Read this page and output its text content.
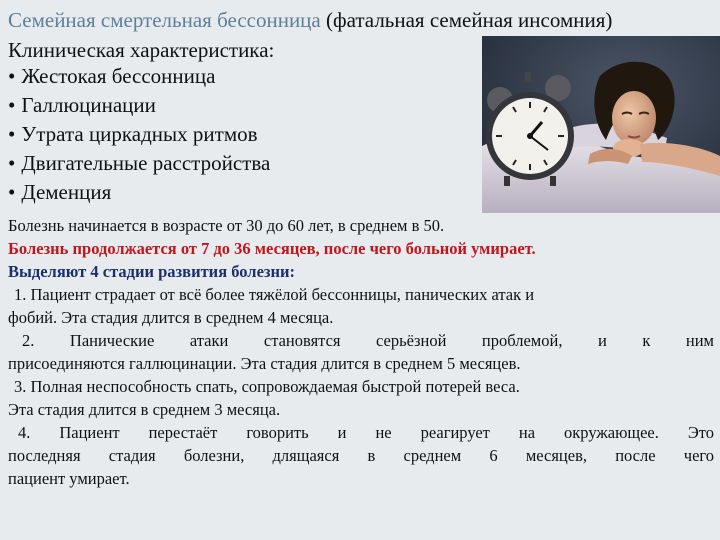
Семейная смертельная бессонница (фатальная семейная инсомния)
Клиническая характеристика:
• Жестокая бессонница
• Галлюцинации
• Утрата циркадных ритмов
• Двигательные расстройства
• Деменция

Болезнь начинается в возрасте от 30 до 60 лет, в среднем в 50.

Болезнь продолжается от 7 до 36 месяцев, после чего больной умирает.

Выделяют 4 стадии развития болезни:

1. Пациент страдает от всё более тяжёлой бессонницы, панических атак и

фобий. Эта стадия длится в среднем 4 месяца.

2. Панические атаки становятся серьёзной проблемой, и к ним

присоединяются галлюцинации. Эта стадия длится в среднем 5 месяцев.

3. Полная неспособность спать, сопровождаемая быстрой потерей веса.

Эта стадия длится в среднем 3 месяца.

4. Пациент перестаёт говорить и не реагирует на окружающее. Это

последняя стадия болезни, длящаяся в среднем 6 месяцев, после чего

пациент умирает.
